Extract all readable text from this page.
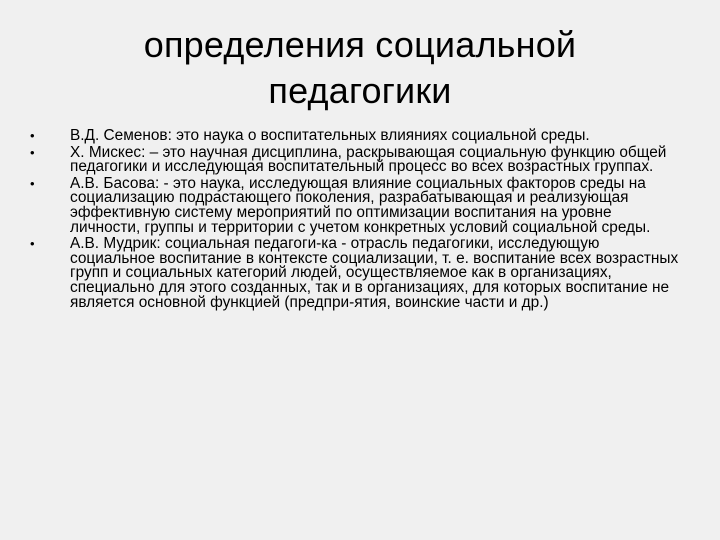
определения социальной
педагогики
•	В.Д. Семенов: это наука о воспитательных влияниях социальной среды.
•	Х. Мискес: – это научная дисциплина, раскрывающая социальную функцию общей педагогики и исследующая воспитательный процесс во всех возрастных группах.
•	А.В. Басова: - это наука, исследующая влияние социальных факторов среды на социализацию подрастающего поколения, разрабатывающая и реализующая эффективную систему мероприятий по оптимизации воспитания на уровне личности, группы и территории с учетом конкретных условий социальной среды.
•	А.В. Мудрик: социальная педагоги-ка - отрасль педагогики, исследующую социальное воспитание в контексте социализации, т. е. воспитание всех возрастных групп и социальных категорий людей, осуществляемое как в организациях, специально для этого созданных, так и в организациях, для которых воспитание не является основной функцией (предпри-ятия, воинские части и др.)
